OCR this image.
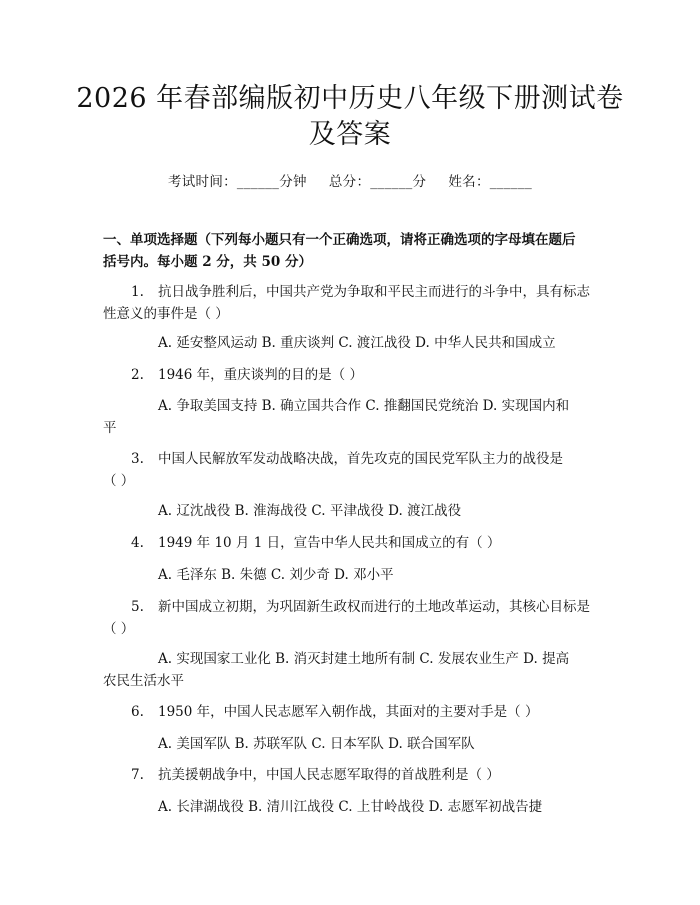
2026 年春部编版初中历史八年级下册测试卷
及答案
考试时间：______分钟 总分：______分 姓名：______
一、单项选择题（下列每小题只有一个正确选项，请将正确选项的字母填在题后
括号内。每小题 2 分，共 50 分）
1. 抗日战争胜利后，中国共产党为争取和平民主而进行的斗争中，具有标志
性意义的事件是（ ）
A. 延安整风运动 B. 重庆谈判 C. 渡江战役 D. 中华人民共和国成立
2. 1946 年，重庆谈判的目的是（ ）
A. 争取美国支持 B. 确立国共合作 C. 推翻国民党统治 D. 实现国内和
平
3. 中国人民解放军发动战略决战，首先攻克的国民党军队主力的战役是
（ ）
A. 辽沈战役 B. 淮海战役 C. 平津战役 D. 渡江战役
4. 1949 年 10 月 1 日，宣告中华人民共和国成立的有（ ）
A. 毛泽东 B. 朱德 C. 刘少奇 D. 邓小平
5. 新中国成立初期，为巩固新生政权而进行的土地改革运动，其核心目标是
（ ）
A. 实现国家工业化 B. 消灭封建土地所有制 C. 发展农业生产 D. 提高
农民生活水平
6. 1950 年，中国人民志愿军入朝作战，其面对的主要对手是（ ）
A. 美国军队 B. 苏联军队 C. 日本军队 D. 联合国军队
7. 抗美援朝战争中，中国人民志愿军取得的首战胜利是（ ）
A. 长津湖战役 B. 清川江战役 C. 上甘岭战役 D. 志愿军初战告捷
